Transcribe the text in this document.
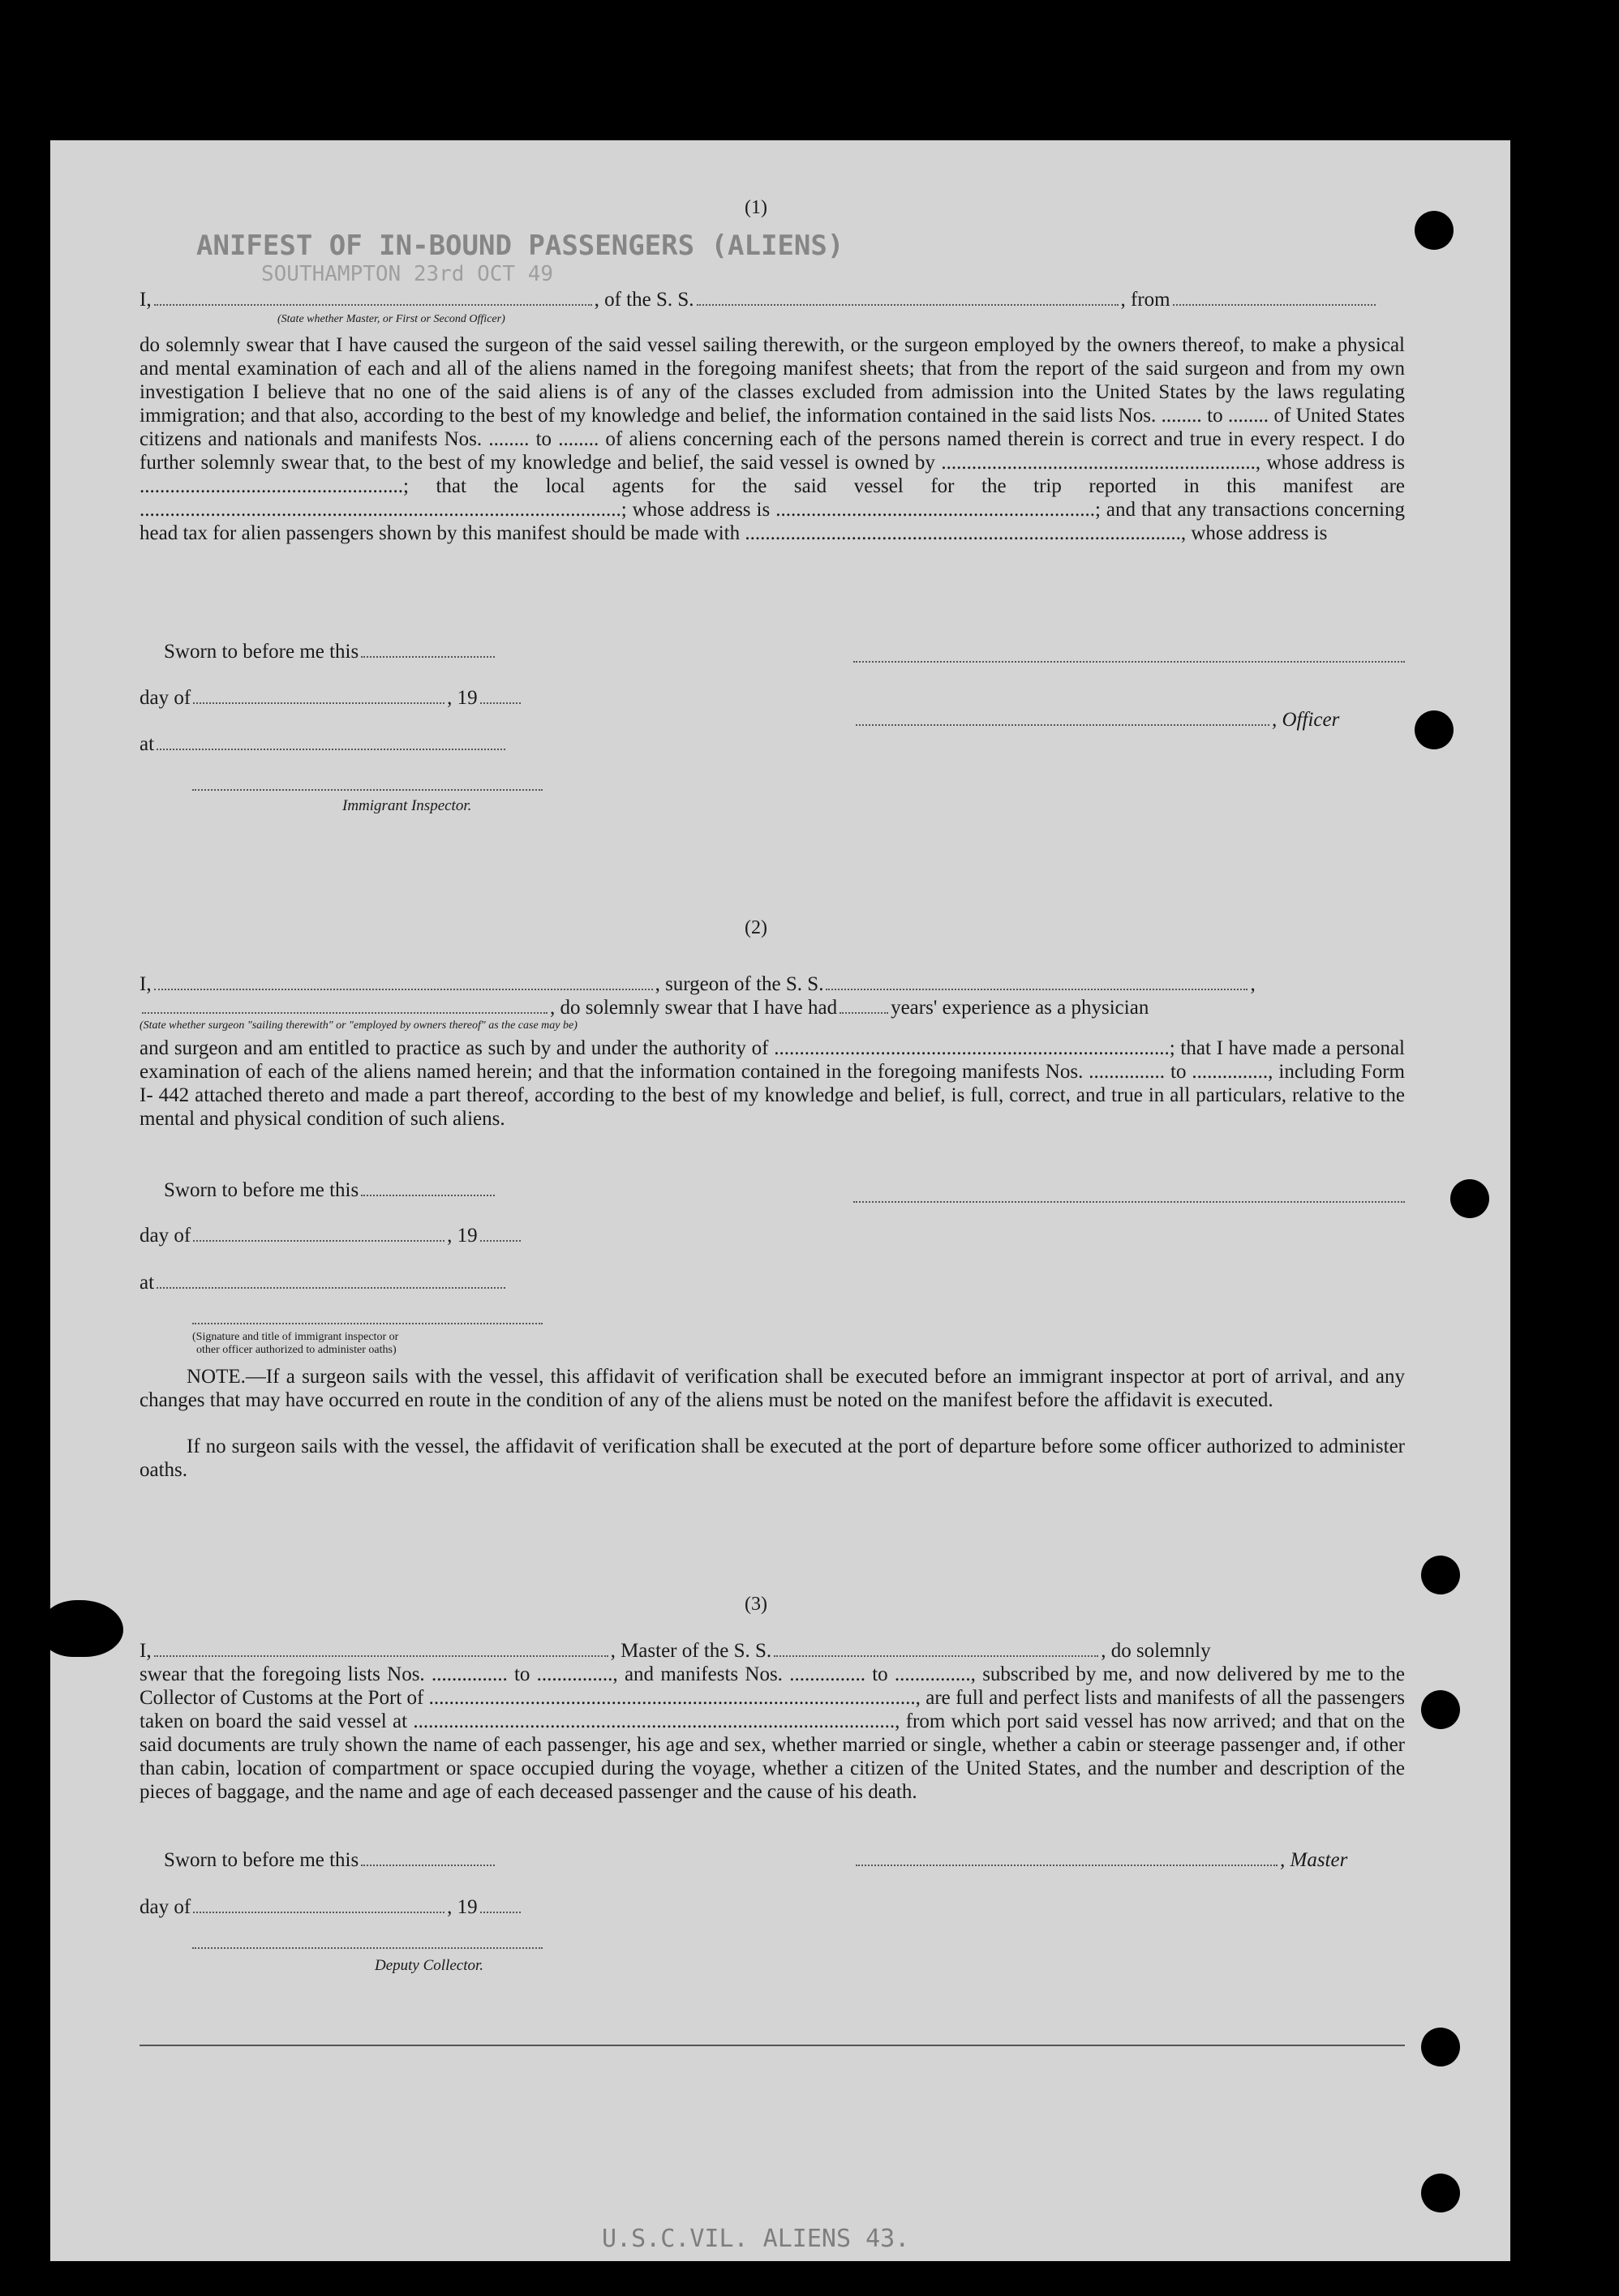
ANIFEST OF IN-BOUND PASSENGERS (ALIENS)
SOUTHAMPTON 23rd OCT 49
U.S.C.VIL. ALIENS 43.
(1)
I,	, of the S. S.	, from
(State whether Master, or First or Second Officer)

do solemnly swear that I have caused the surgeon of the said vessel sailing therewith, or the surgeon employed by the owners thereof, to make a physical and mental examination of each and all of the aliens named in the foregoing manifest sheets; that from the report of the said surgeon and from my own investigation I believe that no one of the said aliens is of any of the classes excluded from admission into the United States by the laws regulating immigration; and that also, according to the best of my knowledge and belief, the information contained in the said lists Nos. ........ to ........ of United States citizens and nationals and manifests Nos. ........ to ........ of aliens concerning each of the persons named therein is correct and true in every respect. I do further solemnly swear that, to the best of my knowledge and belief, the said vessel is owned by .............................................................., whose address is ....................................................; that the local agents for the said vessel for the trip reported in this manifest are ...............................................................................................; whose address is ...............................................................; and that any transactions concerning head tax for alien passengers shown by this manifest should be made with ......................................................................................, whose address is

Sworn to before me this
day of	, 19
, Officer
at
Immigrant Inspector.
(2)
I,	, surgeon of the S. S.	,
, do solemnly swear that I have had	years' experience as a physician
(State whether surgeon "sailing therewith" or "employed by owners thereof" as the case may be)

and surgeon and am entitled to practice as such by and under the authority of ..............................................................................; that I have made a personal examination of each of the aliens named herein; and that the information contained in the foregoing manifests Nos. ............... to ..............., including Form I- 442 attached thereto and made a part thereof, according to the best of my knowledge and belief, is full, correct, and true in all particulars, relative to the mental and physical condition of such aliens.

Sworn to before me this
day of	, 19
at
(Signature and title of immigrant inspector or
other officer authorized to administer oaths)

NOTE.—If a surgeon sails with the vessel, this affidavit of verification shall be executed before an immigrant inspector at port of arrival, and any changes that may have occurred en route in the condition of any of the aliens must be noted on the manifest before the affidavit is executed.

If no surgeon sails with the vessel, the affidavit of verification shall be executed at the port of departure before some officer authorized to administer oaths.

(3)
I,	, Master of the S. S.	, do solemnly

swear that the foregoing lists Nos. ............... to ..............., and manifests Nos. ............... to ..............., subscribed by me, and now delivered by me to the Collector of Customs at the Port of ................................................................................................, are full and perfect lists and manifests of all the passengers taken on board the said vessel at ..............................................................................................., from which port said vessel has now arrived; and that on the said documents are truly shown the name of each passenger, his age and sex, whether married or single, whether a cabin or steerage passenger and, if other than cabin, location of compartment or space occupied during the voyage, whether a citizen of the United States, and the number and description of the pieces of baggage, and the name and age of each deceased passenger and the cause of his death.

Sworn to before me this	, Master
day of	, 19
Deputy Collector.
